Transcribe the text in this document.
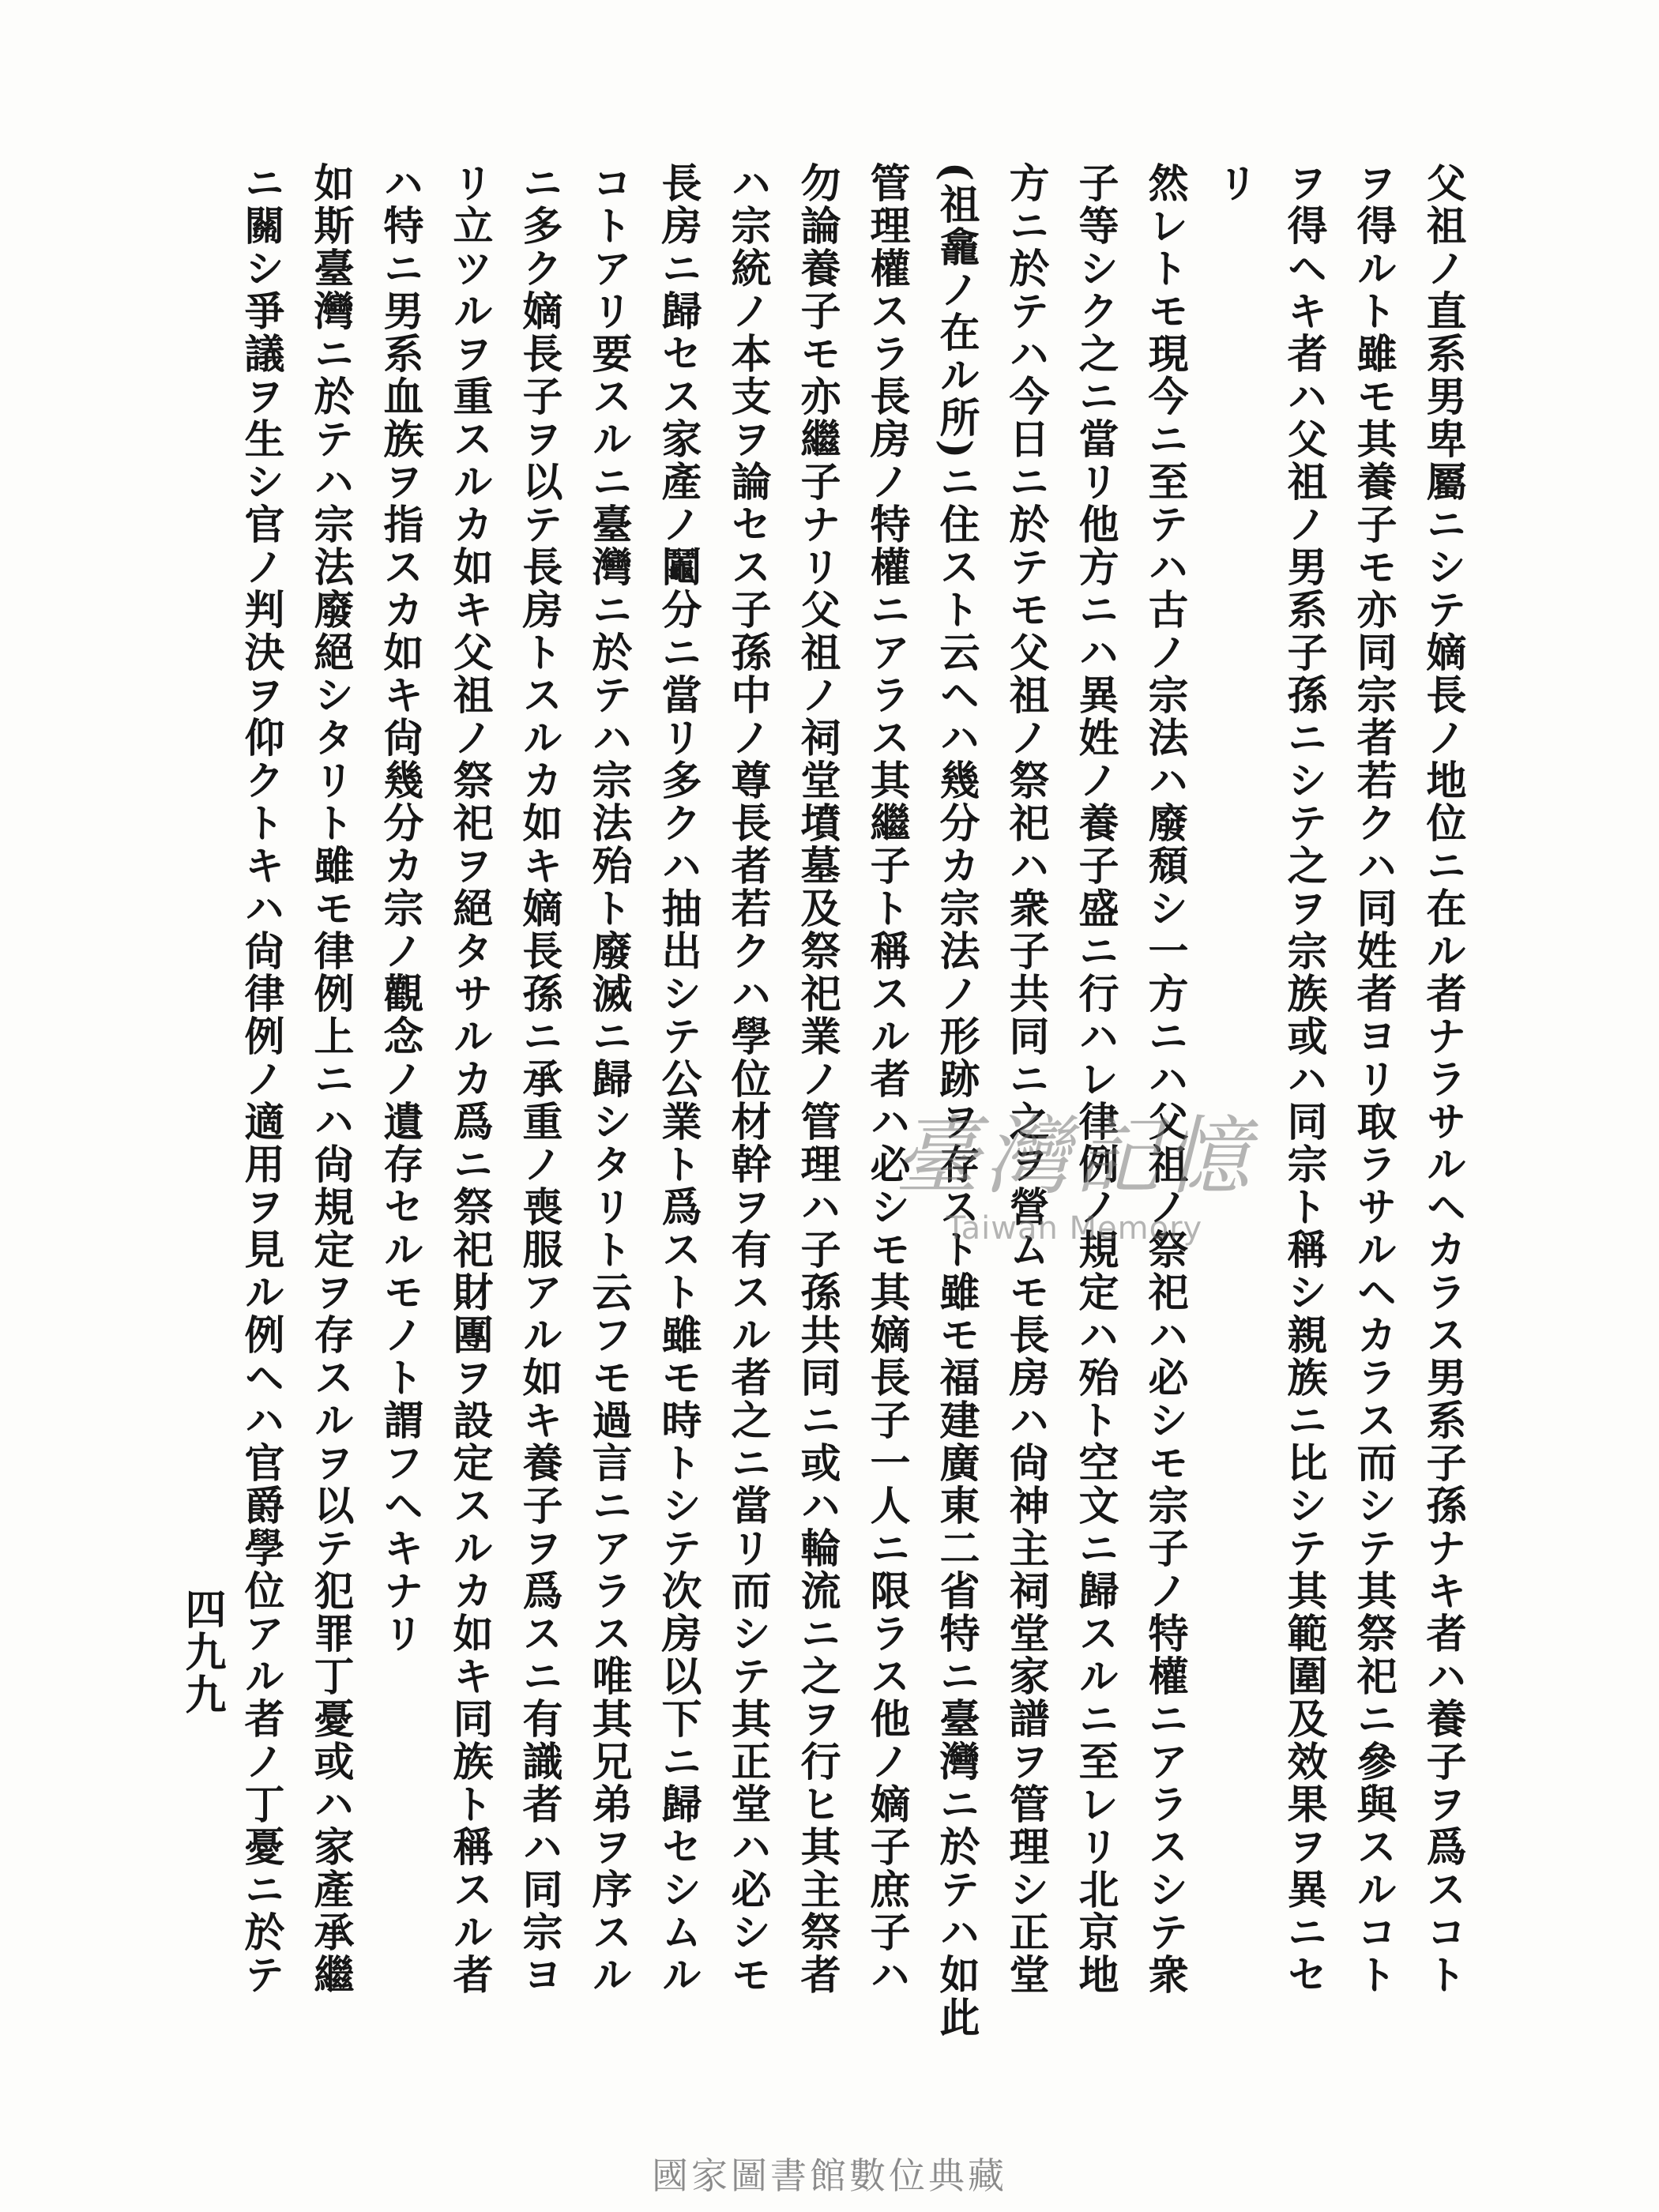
父祖ノ直系男卑屬ニシテ嫡長ノ地位ニ在ル者ナラサルヘカラス男系子孫ナキ者ハ養子ヲ爲スコト
ヲ得ルト雖モ其養子モ亦同宗者若クハ同姓者ヨリ取ラサルヘカラス而シテ其祭祀ニ參與スルコト
ヲ得ヘキ者ハ父祖ノ男系子孫ニシテ之ヲ宗族或ハ同宗ト稱シ親族ニ比シテ其範圍及效果ヲ異ニセ
リ
然レトモ現今ニ至テハ古ノ宗法ハ廢頹シ一方ニハ父祖ノ祭祀ハ必シモ宗子ノ特權ニアラスシテ衆
子等シク之ニ當リ他方ニハ異姓ノ養子盛ニ行ハレ律例ノ規定ハ殆ト空文ニ歸スルニ至レリ北京地
方ニ於テハ今日ニ於テモ父祖ノ祭祀ハ衆子共同ニ之ヲ營ムモ長房ハ尙神主祠堂家譜ヲ管理シ正堂
(祖龕ノ在ル所)ニ住スト云ヘハ幾分カ宗法ノ形跡ヲ存スト雖モ福建廣東二省特ニ臺灣ニ於テハ如此
管理權スラ長房ノ特權ニアラス其繼子ト稱スル者ハ必シモ其嫡長子一人ニ限ラス他ノ嫡子庶子ハ
勿論養子モ亦繼子ナリ父祖ノ祠堂墳墓及祭祀業ノ管理ハ子孫共同ニ或ハ輪流ニ之ヲ行ヒ其主祭者
ハ宗統ノ本支ヲ論セス子孫中ノ尊長者若クハ學位材幹ヲ有スル者之ニ當リ而シテ其正堂ハ必シモ
長房ニ歸セス家產ノ鬮分ニ當リ多クハ抽出シテ公業ト爲スト雖モ時トシテ次房以下ニ歸セシムル
コトアリ要スルニ臺灣ニ於テハ宗法殆ト廢滅ニ歸シタリト云フモ過言ニアラス唯其兄弟ヲ序スル
ニ多ク嫡長子ヲ以テ長房トスルカ如キ嫡長孫ニ承重ノ喪服アル如キ養子ヲ爲スニ有識者ハ同宗ヨ
リ立ツルヲ重スルカ如キ父祖ノ祭祀ヲ絕タサルカ爲ニ祭祀財團ヲ設定スルカ如キ同族ト稱スル者
ハ特ニ男系血族ヲ指スカ如キ尙幾分カ宗ノ觀念ノ遺存セルモノト謂フヘキナリ
如斯臺灣ニ於テハ宗法廢絕シタリト雖モ律例上ニハ尙規定ヲ存スルヲ以テ犯罪丁憂或ハ家產承繼
ニ關シ爭議ヲ生シ官ノ判決ヲ仰クトキハ尙律例ノ適用ヲ見ル例ヘハ官爵學位アル者ノ丁憂ニ於テ
四九九
臺灣記憶
Taiwan Memory
國家圖書館數位典藏
